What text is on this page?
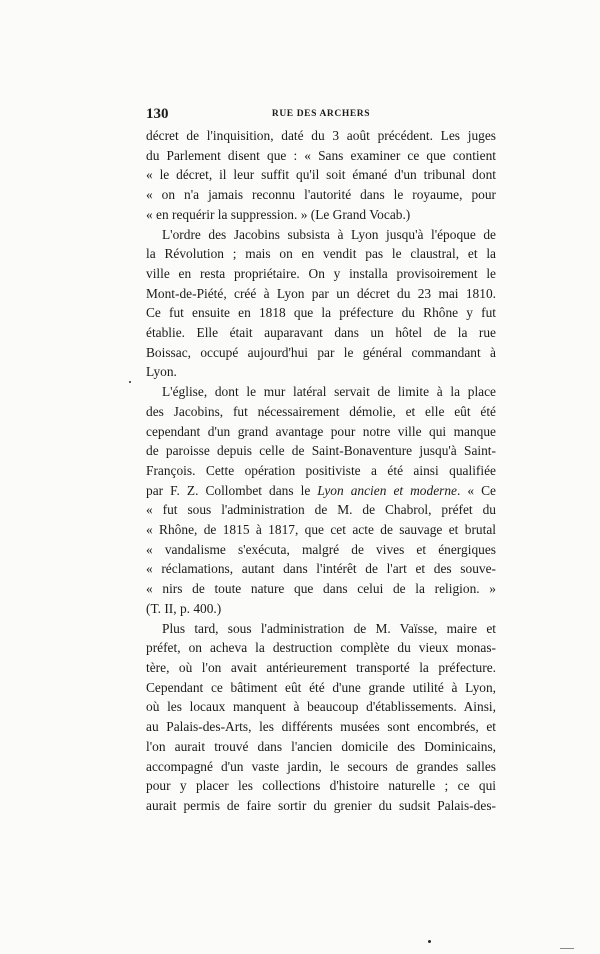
130	RUE DES ARCHERS

décret de l'inquisition, daté du 3 août précédent. Les juges
du Parlement disent que : « Sans examiner ce que contient
« le décret, il leur suffit qu'il soit émané d'un tribunal dont
« on n'a jamais reconnu l'autorité dans le royaume, pour
« en requérir la suppression. » (Le Grand Vocab.)

L'ordre des Jacobins subsista à Lyon jusqu'à l'époque de
la Révolution ; mais on en vendit pas le claustral, et la
ville en resta propriétaire. On y installa provisoirement le
Mont-de-Piété, créé à Lyon par un décret du 23 mai 1810.
Ce fut ensuite en 1818 que la préfecture du Rhône y fut
établie. Elle était auparavant dans un hôtel de la rue
Boissac, occupé aujourd'hui par le général commandant à
Lyon.

L'église, dont le mur latéral servait de limite à la place
des Jacobins, fut nécessairement démolie, et elle eût été
cependant d'un grand avantage pour notre ville qui manque
de paroisse depuis celle de Saint-Bonaventure jusqu'à Saint-
François. Cette opération positiviste a été ainsi qualifiée
par F. Z. Collombet dans le Lyon ancien et moderne. « Ce
« fut sous l'administration de M. de Chabrol, préfet du
« Rhône, de 1815 à 1817, que cet acte de sauvage et brutal
« vandalisme s'exécuta, malgré de vives et énergiques
« réclamations, autant dans l'intérêt de l'art et des souve-
« nirs de toute nature que dans celui de la religion. »
(T. II, p. 400.)

Plus tard, sous l'administration de M. Vaïsse, maire et
préfet, on acheva la destruction complète du vieux monas-
tère, où l'on avait antérieurement transporté la préfecture.
Cependant ce bâtiment eût été d'une grande utilité à Lyon,
où les locaux manquent à beaucoup d'établissements. Ainsi,
au Palais-des-Arts, les différents musées sont encombrés, et
l'on aurait trouvé dans l'ancien domicile des Dominicains,
accompagné d'un vaste jardin, le secours de grandes salles
pour y placer les collections d'histoire naturelle ; ce qui
aurait permis de faire sortir du grenier du sudsit Palais-des-
